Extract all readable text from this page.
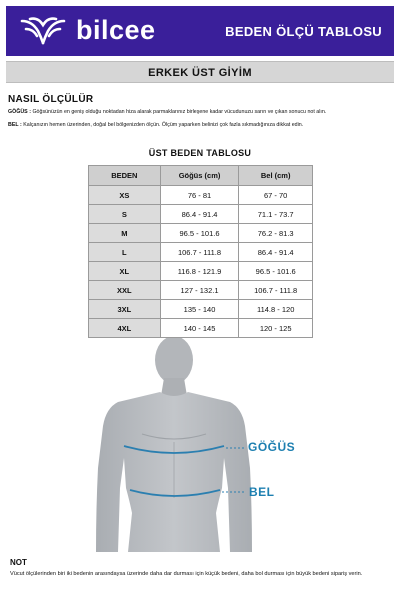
bilcee	BEDEN ÖLÇÜ TABLOSU
ERKEK ÜST GİYİM
NASIL ÖLÇÜLÜR
GÖĞÜS : Göğsünüzün en geniş olduğu noktadan hiza alarak parmaklarınız birleşene kadar vücudunuzu sarın ve çıkan sonucu not alın.
BEL : Kalçanızın hemen üzerinden, doğal bel bölgenizden ölçün. Ölçüm yaparken belinizi çok fazla sıkmadığınıza dikkat edin.
ÜST BEDEN TABLOSU
BEDEN	Göğüs (cm)	Bel (cm)
XS	76 - 81	67 - 70
S	86.4 - 91.4	71.1 - 73.7
M	96.5 - 101.6	76.2 - 81.3
L	106.7 - 111.8	86.4 - 91.4
XL	116.8 - 121.9	96.5 - 101.6
XXL	127 - 132.1	106.7 - 111.8
3XL	135 - 140	114.8 - 120
4XL	140 - 145	120 - 125
GÖĞÜS
BEL
NOT
Vücut ölçülerinden biri iki bedenin arasındaysa üzerinde daha dar durması için küçük bedeni, daha bol durması için büyük bedeni sipariş verin.
